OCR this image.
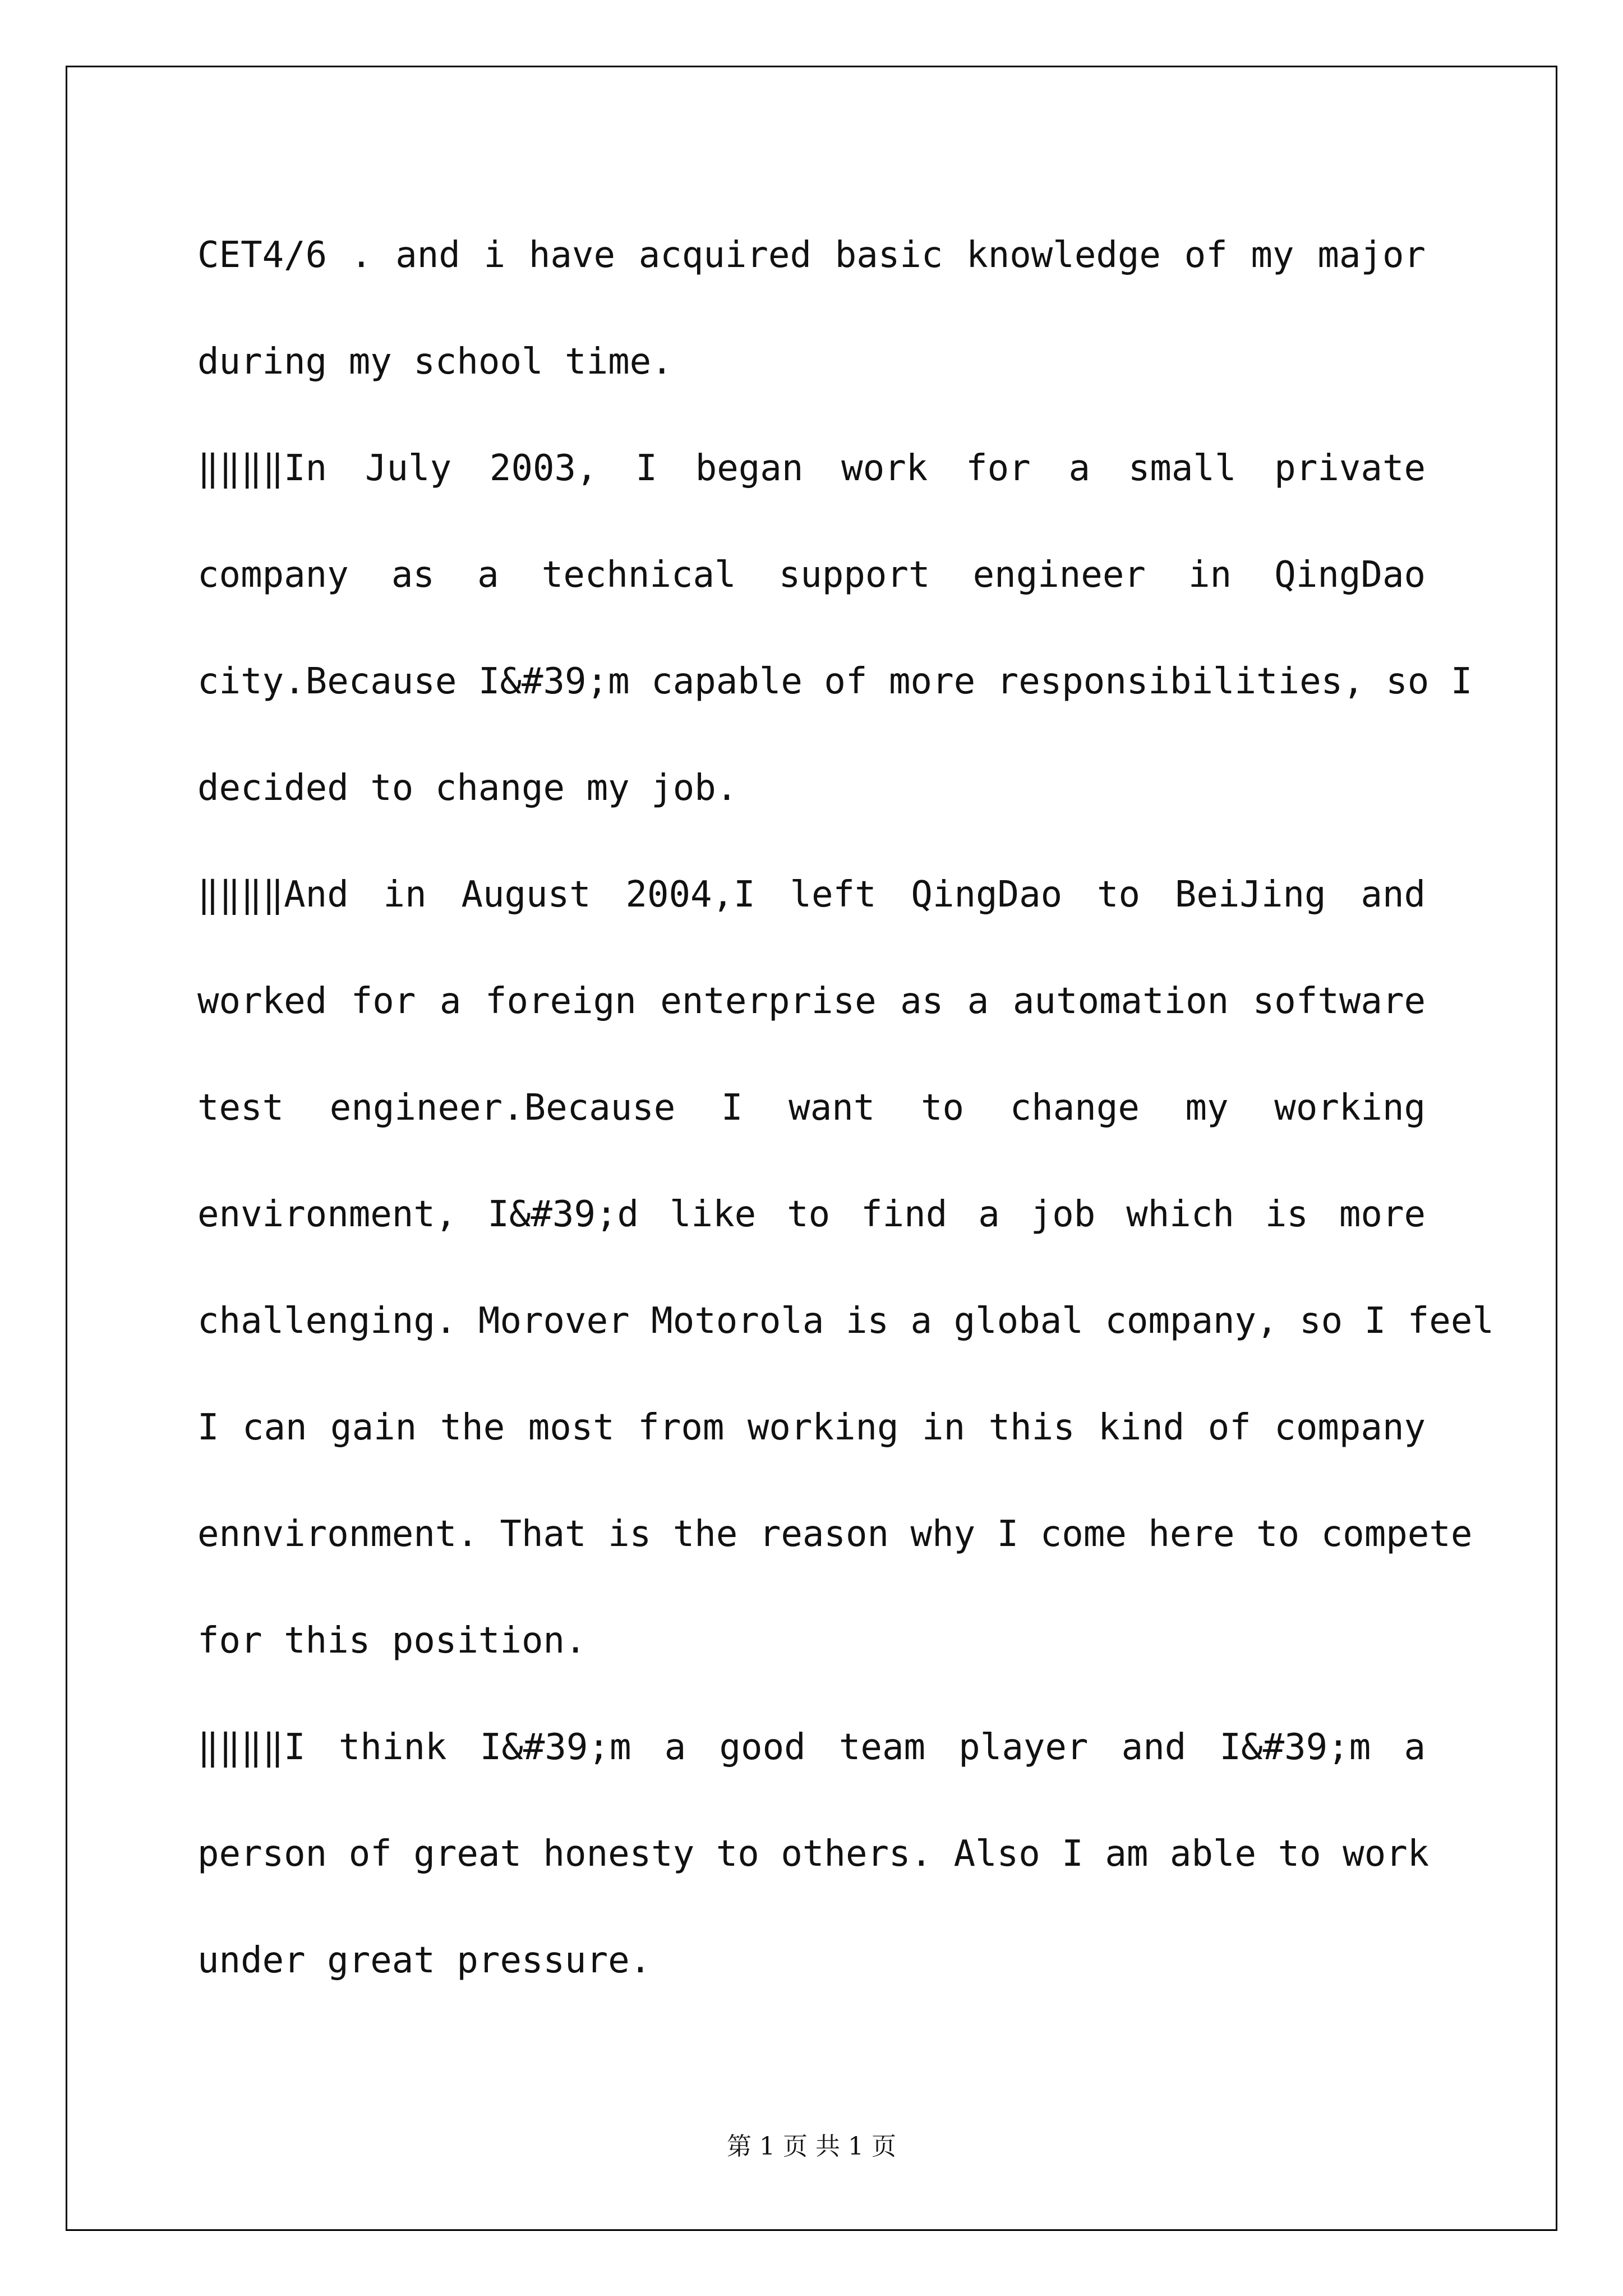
CET4/6 . and i have acquired basic knowledge of my major
during my school time.
‖‖‖‖In July 2003, I began work for a small private
company as a technical support engineer in QingDao
city.Because I&#39;m capable of more responsibilities, so I
decided to change my job.
‖‖‖‖And in August 2004,I left QingDao to BeiJing and
worked for a foreign enterprise as a automation software
test engineer.Because I want to change my working
environment, I&#39;d like to find a job which is more
challenging. Morover Motorola is a global company, so I feel
I can gain the most from working in this kind of company
ennvironment. That is the reason why I come here to compete
for this position.
‖‖‖‖I think I&#39;m a good team player and I&#39;m a
person of great honesty to others. Also I am able to work
under great pressure.
第 1 页 共 1 页
